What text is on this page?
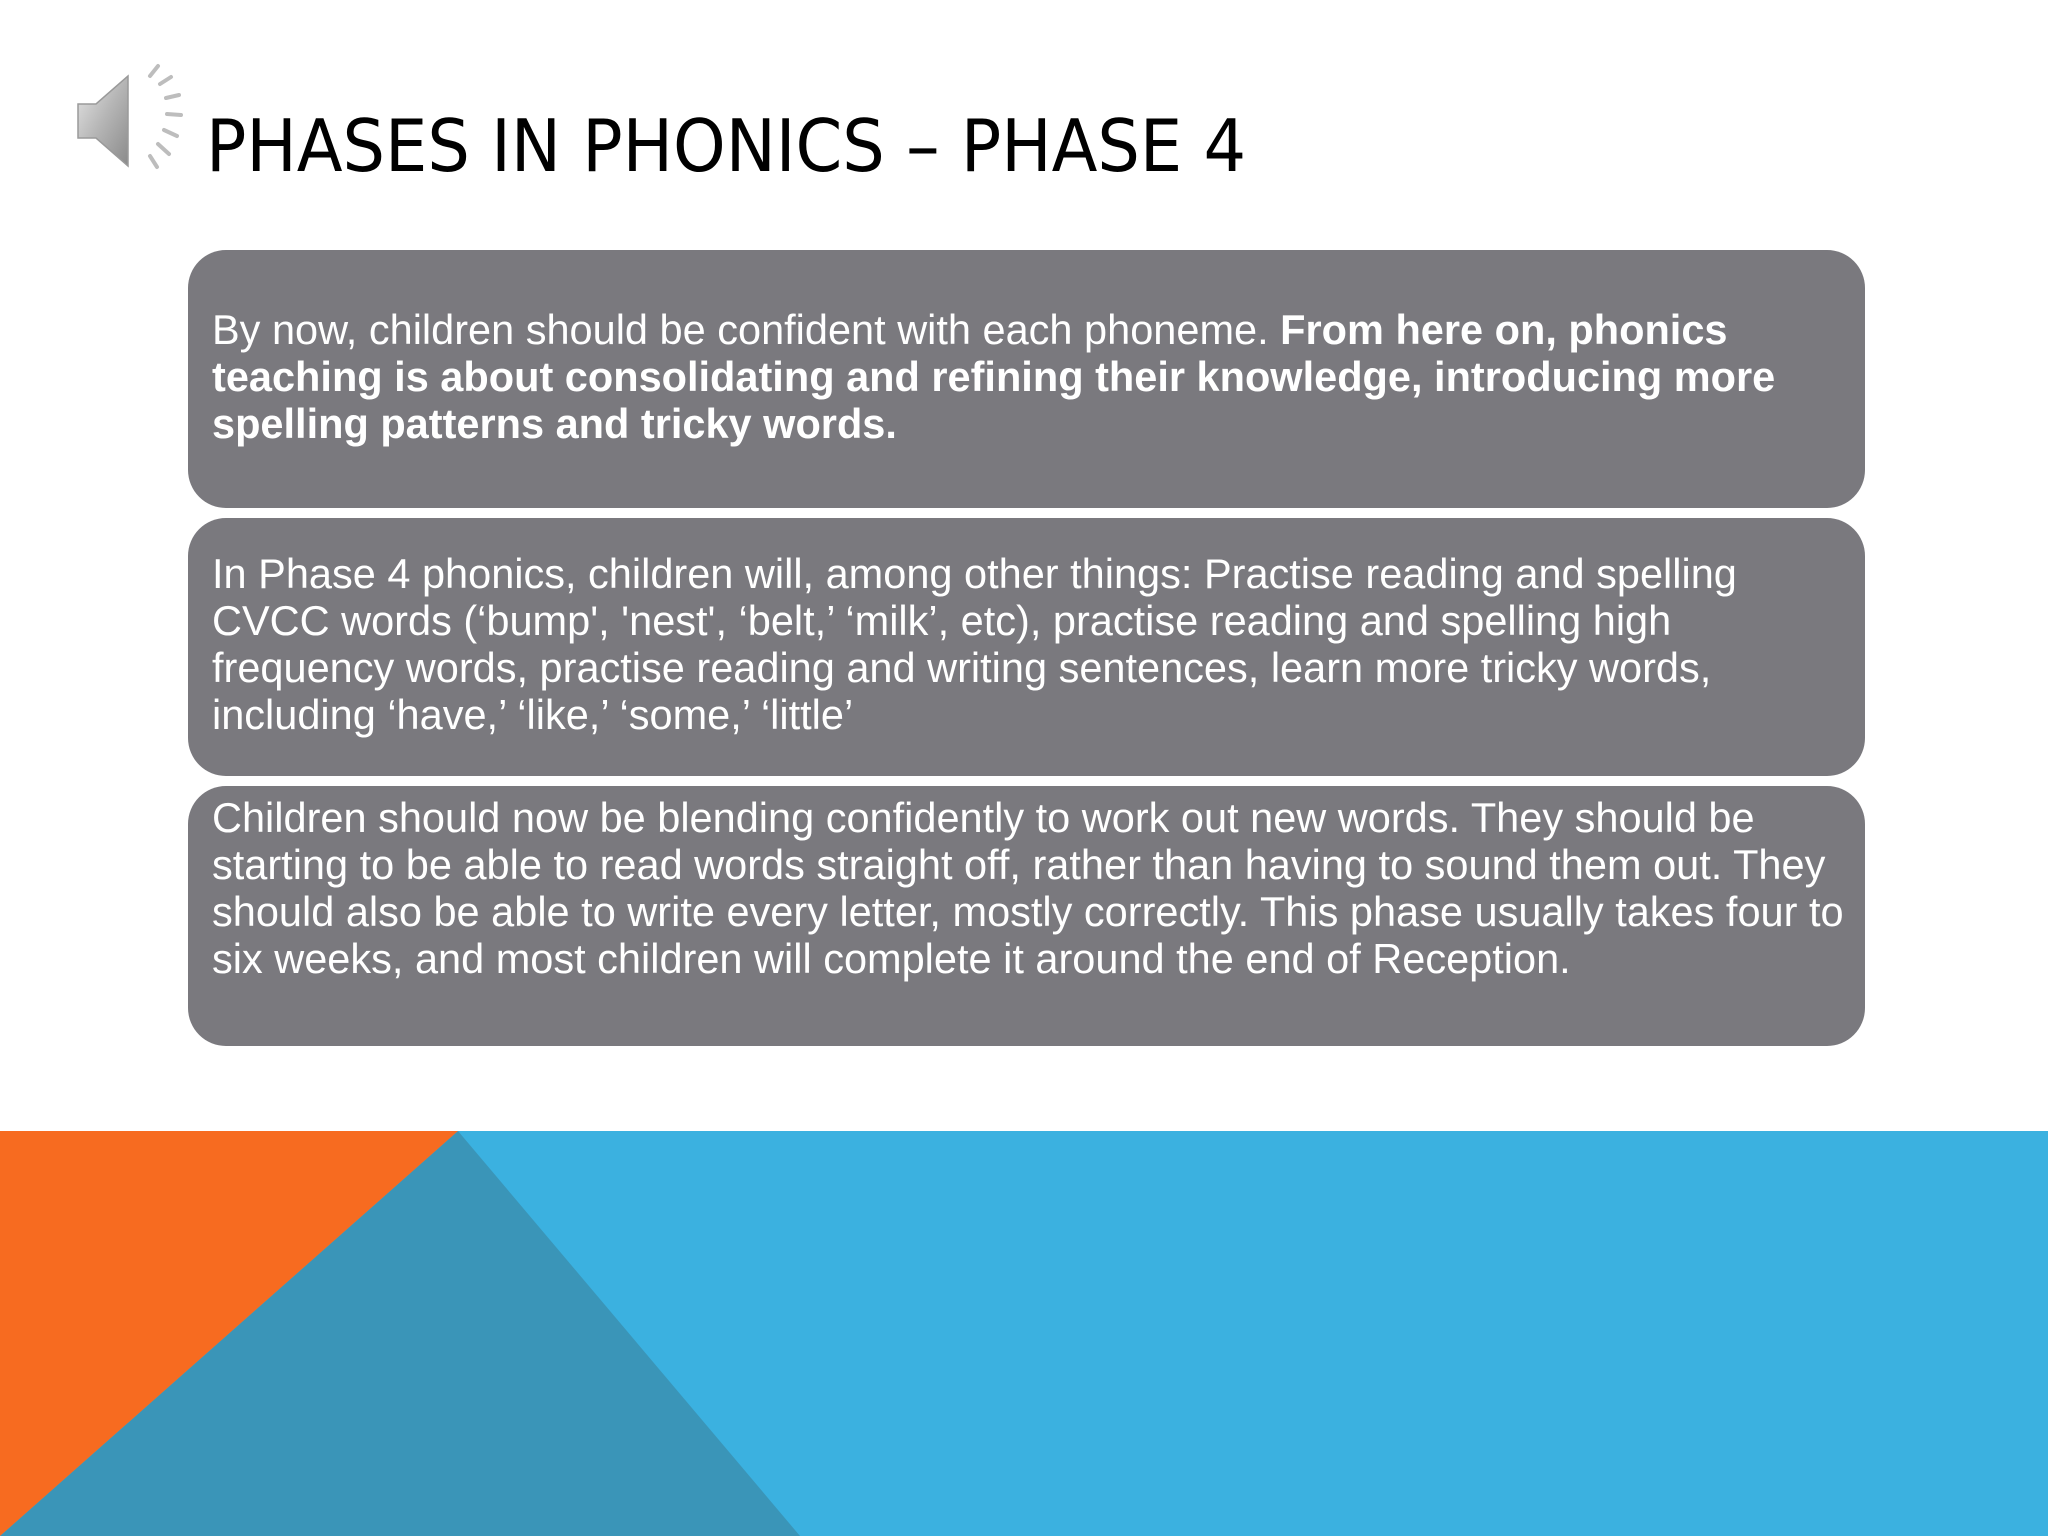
PHASES IN PHONICS – PHASE 4

By now, children should be confident with each phoneme. From here on, phonics teaching is about consolidating and refining their knowledge, introducing more spelling patterns and tricky words.

In Phase 4 phonics, children will, among other things: Practise reading and spelling CVCC words (‘bump', 'nest', ‘belt,’ ‘milk’, etc), practise reading and spelling high frequency words, practise reading and writing sentences, learn more tricky words, including ‘have,’ ‘like,’ ‘some,’ ‘little’

Children should now be blending confidently to work out new words. They should be starting to be able to read words straight off, rather than having to sound them out. They should also be able to write every letter, mostly correctly. This phase usually takes four to six weeks, and most children will complete it around the end of Reception.
